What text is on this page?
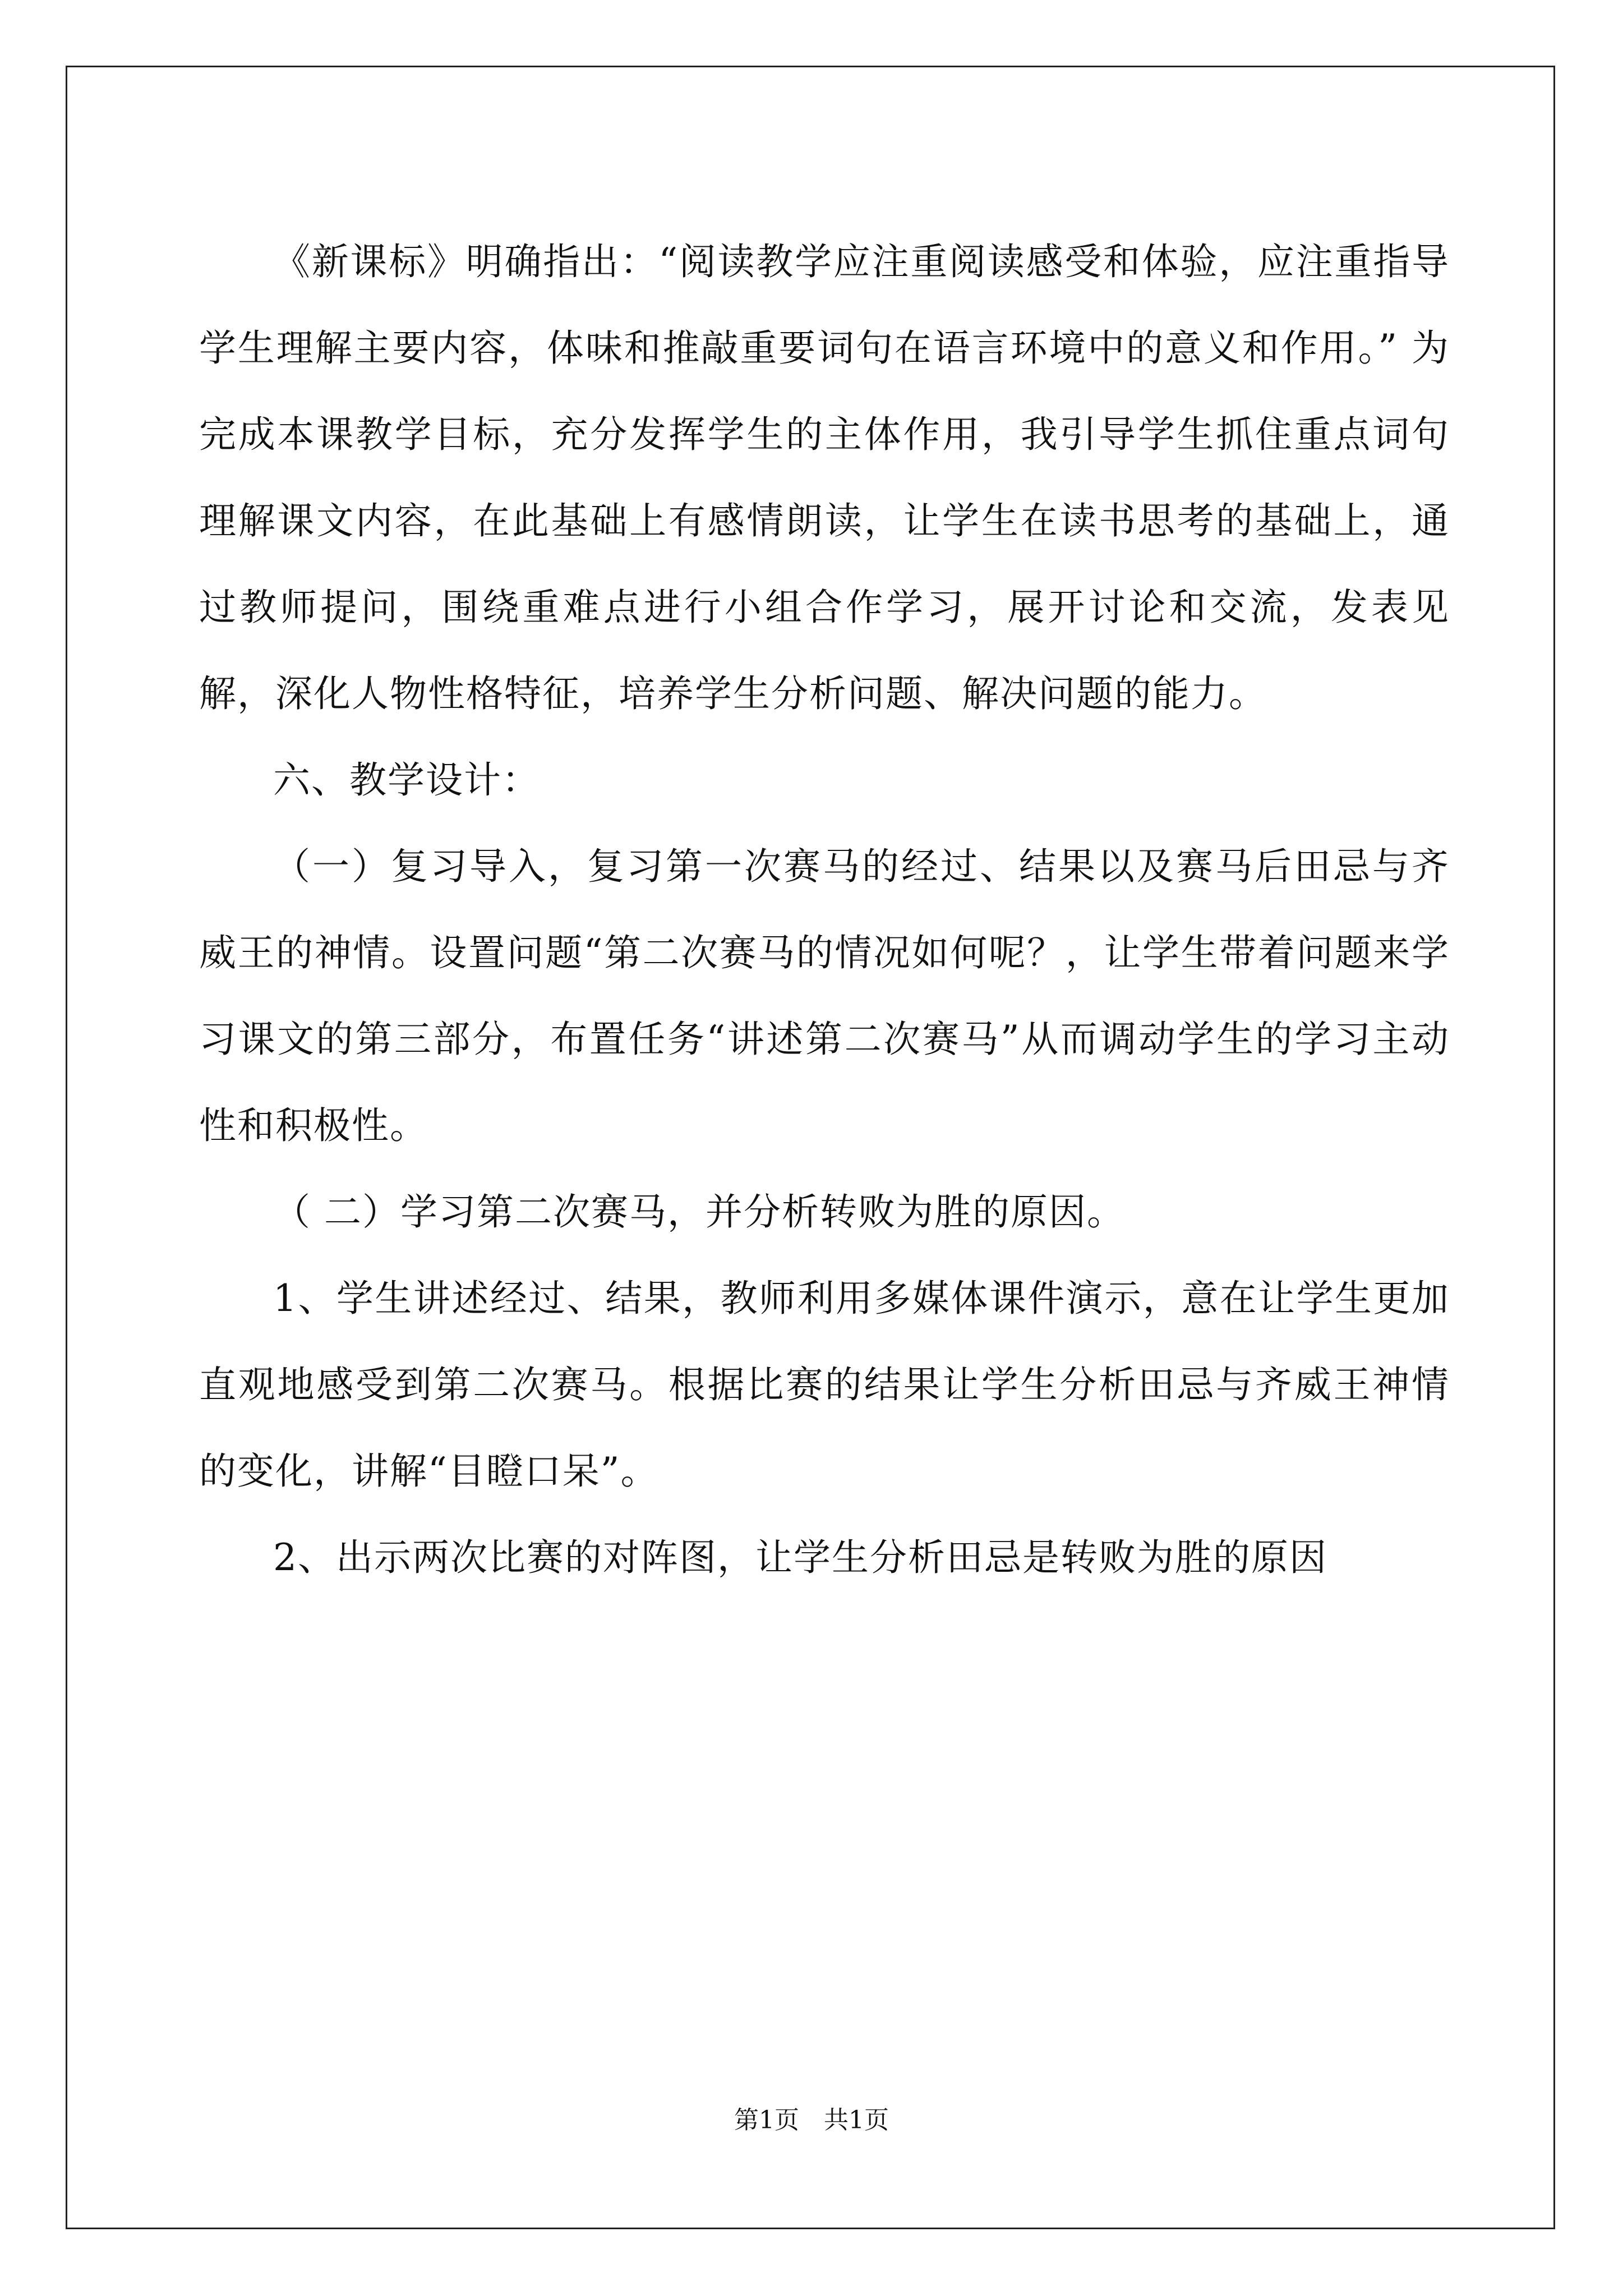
《新课标》明确指出：“阅读教学应注重阅读感受和体验，应注重指导学生理解主要内容，体味和推敲重要词句在语言环境中的意义和作用。” 为完成本课教学目标，充分发挥学生的主体作用，我引导学生抓住重点词句理解课文内容，在此基础上有感情朗读，让学生在读书思考的基础上，通过教师提问，围绕重难点进行小组合作学习，展开讨论和交流，发表见解，深化人物性格特征，培养学生分析问题、解决问题的能力。

六、教学设计：

（一）复习导入，复习第一次赛马的经过、结果以及赛马后田忌与齐威王的神情。设置问题“第二次赛马的情况如何呢？，让学生带着问题来学习课文的第三部分，布置任务“讲述第二次赛马”从而调动学生的学习主动性和积极性。

（ 二）学习第二次赛马，并分析转败为胜的原因。

1、学生讲述经过、结果，教师利用多媒体课件演示，意在让学生更加直观地感受到第二次赛马。根据比赛的结果让学生分析田忌与齐威王神情的变化，讲解“目瞪口呆”。

2、出示两次比赛的对阵图，让学生分析田忌是转败为胜的原因

第1页　共1页
